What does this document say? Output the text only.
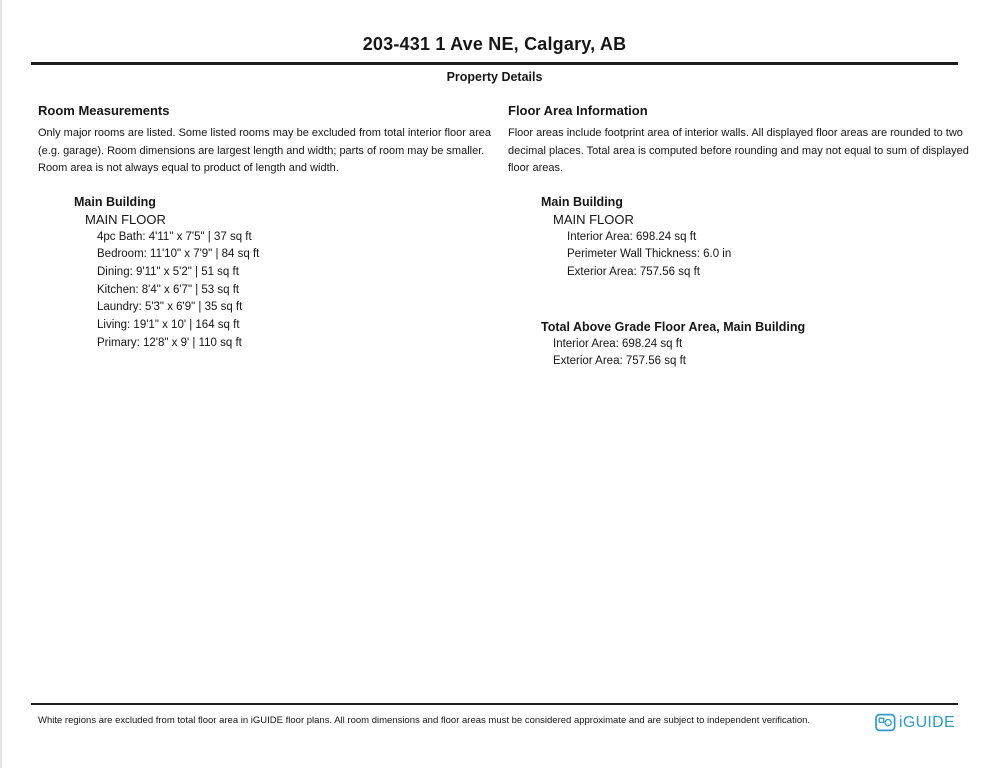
203-431 1 Ave NE, Calgary, AB
Property Details
Room Measurements
Only major rooms are listed. Some listed rooms may be excluded from total interior floor area
(e.g. garage). Room dimensions are largest length and width; parts of room may be smaller.
Room area is not always equal to product of length and width.
Main Building
MAIN FLOOR
4pc Bath: 4'11" x 7'5" | 37 sq ft
Bedroom: 11'10" x 7'9" | 84 sq ft
Dining: 9'11" x 5'2" | 51 sq ft
Kitchen: 8'4" x 6'7" | 53 sq ft
Laundry: 5'3" x 6'9" | 35 sq ft
Living: 19'1" x 10' | 164 sq ft
Primary: 12'8" x 9' | 110 sq ft
Floor Area Information
Floor areas include footprint area of interior walls. All displayed floor areas are rounded to two
decimal places. Total area is computed before rounding and may not equal to sum of displayed
floor areas.
Main Building
MAIN FLOOR
Interior Area: 698.24 sq ft
Perimeter Wall Thickness: 6.0 in
Exterior Area: 757.56 sq ft
Total Above Grade Floor Area, Main Building
Interior Area: 698.24 sq ft
Exterior Area: 757.56 sq ft
White regions are excluded from total floor area in iGUIDE floor plans. All room dimensions and floor areas must be considered approximate and are subject to independent verification.	iGUIDE
